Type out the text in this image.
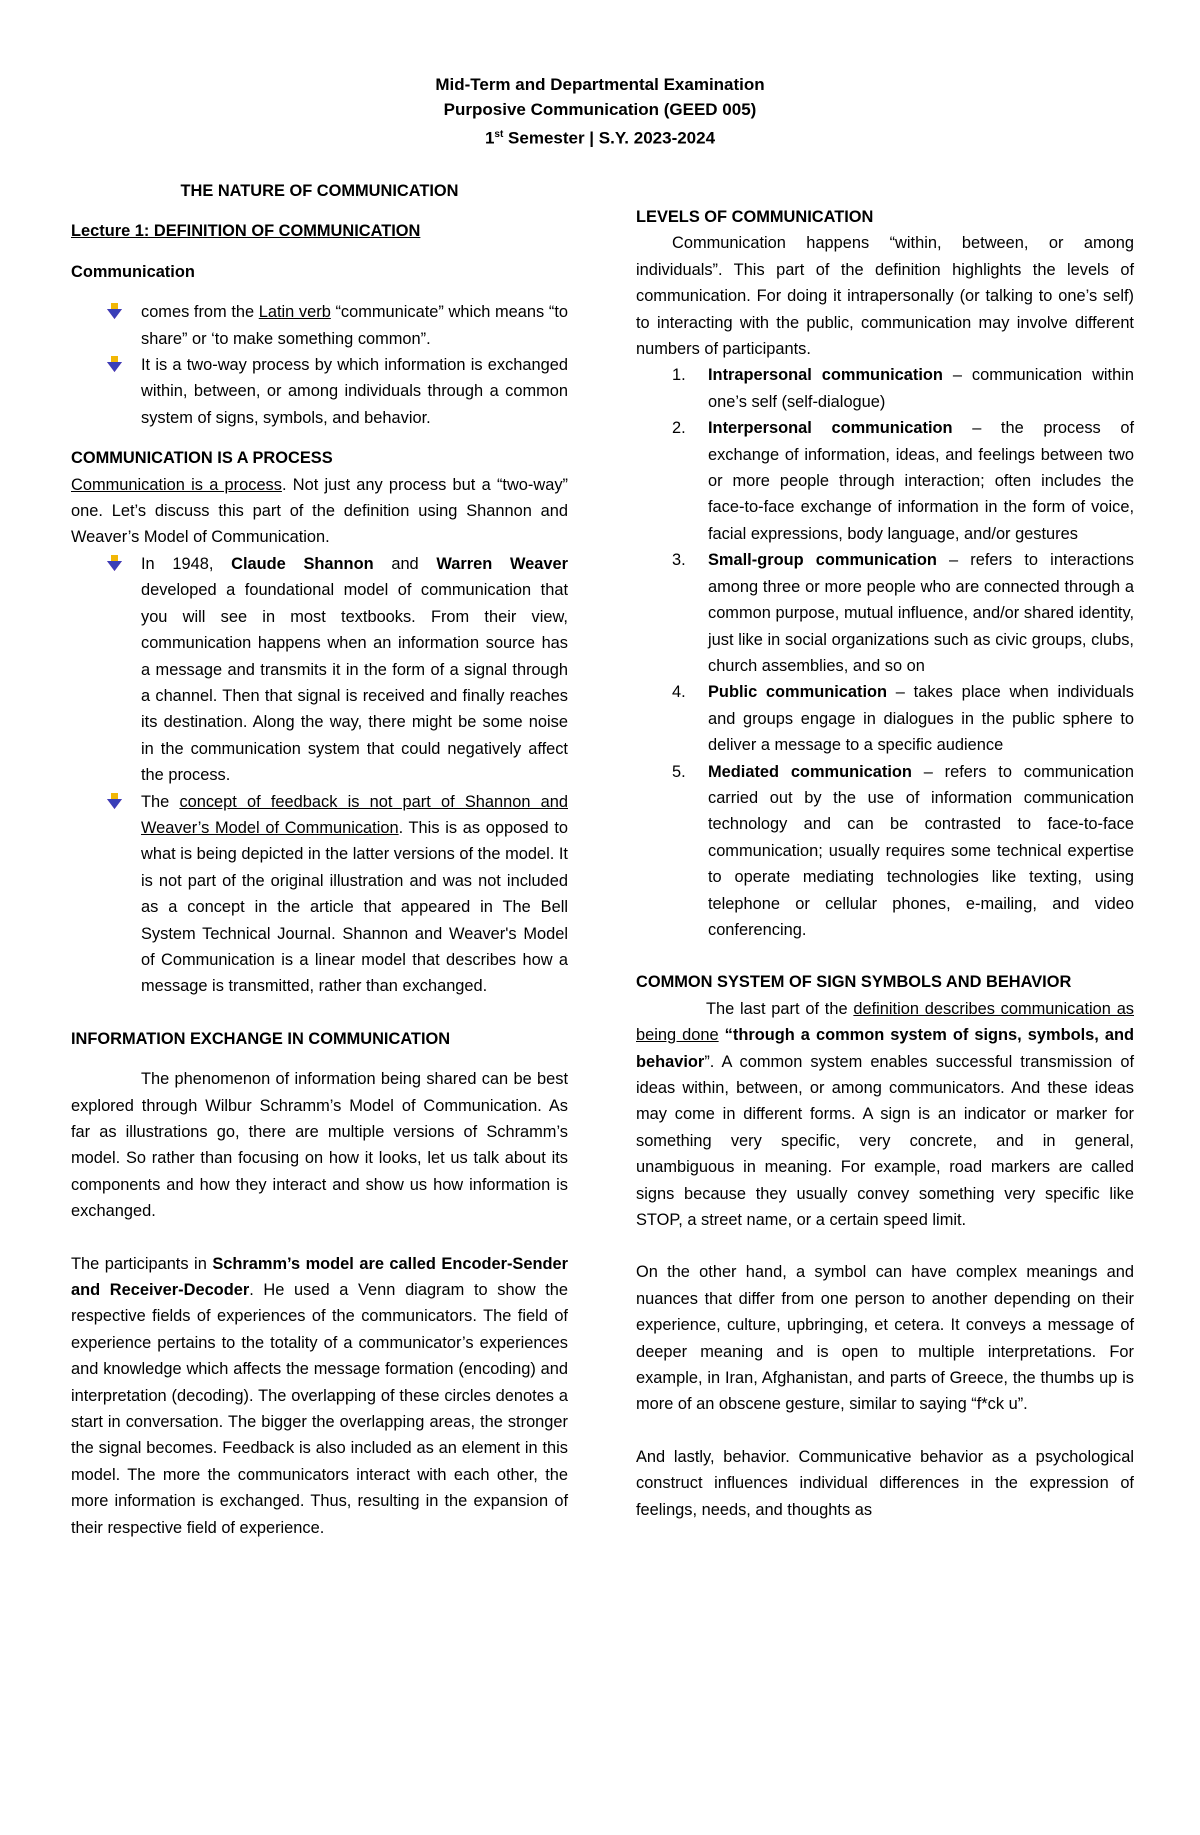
Mid-Term and Departmental Examination
Purposive Communication (GEED 005)
1st Semester | S.Y. 2023-2024
THE NATURE OF COMMUNICATION
Lecture 1: DEFINITION OF COMMUNICATION
Communication

comes from the Latin verb “communicate” which means “to share” or ‘to make something common”.

It is a two-way process by which information is exchanged within, between, or among individuals through a common system of signs, symbols, and behavior.

COMMUNICATION IS A PROCESS

Communication is a process. Not just any process but a “two-way” one. Let’s discuss this part of the definition using Shannon and Weaver’s Model of Communication.

In 1948, Claude Shannon and Warren Weaver developed a foundational model of communication that you will see in most textbooks. From their view, communication happens when an information source has a message and transmits it in the form of a signal through a channel. Then that signal is received and finally reaches its destination. Along the way, there might be some noise in the communication system that could negatively affect the process.

The concept of feedback is not part of Shannon and Weaver’s Model of Communication. This is as opposed to what is being depicted in the latter versions of the model. It is not part of the original illustration and was not included as a concept in the article that appeared in The Bell System Technical Journal. Shannon and Weaver's Model of Communication is a linear model that describes how a message is transmitted, rather than exchanged.

INFORMATION EXCHANGE IN COMMUNICATION

The phenomenon of information being shared can be best explored through Wilbur Schramm’s Model of Communication. As far as illustrations go, there are multiple versions of Schramm’s model. So rather than focusing on how it looks, let us talk about its components and how they interact and show us how information is exchanged.

The participants in Schramm’s model are called Encoder-Sender and Receiver-Decoder. He used a Venn diagram to show the respective fields of experiences of the communicators. The field of experience pertains to the totality of a communicator’s experiences and knowledge which affects the message formation (encoding) and interpretation (decoding). The overlapping of these circles denotes a start in conversation. The bigger the overlapping areas, the stronger the signal becomes. Feedback is also included as an element in this model. The more the communicators interact with each other, the more information is exchanged. Thus, resulting in the expansion of their respective field of experience.

LEVELS OF COMMUNICATION

Communication happens “within, between, or among individuals”. This part of the definition highlights the levels of communication. For doing it intrapersonally (or talking to one’s self) to interacting with the public, communication may involve different numbers of participants.

1. Intrapersonal communication – communication within one’s self (self-dialogue)
2. Interpersonal communication – the process of exchange of information, ideas, and feelings between two or more people through interaction; often includes the face-to-face exchange of information in the form of voice, facial expressions, body language, and/or gestures
3. Small-group communication – refers to interactions among three or more people who are connected through a common purpose, mutual influence, and/or shared identity, just like in social organizations such as civic groups, clubs, church assemblies, and so on
4. Public communication – takes place when individuals and groups engage in dialogues in the public sphere to deliver a message to a specific audience
5. Mediated communication – refers to communication carried out by the use of information communication technology and can be contrasted to face-to-face communication; usually requires some technical expertise to operate mediating technologies like texting, using telephone or cellular phones, e-mailing, and video conferencing.
COMMON SYSTEM OF SIGN SYMBOLS AND BEHAVIOR

The last part of the definition describes communication as being done “through a common system of signs, symbols, and behavior”. A common system enables successful transmission of ideas within, between, or among communicators. And these ideas may come in different forms. A sign is an indicator or marker for something very specific, very concrete, and in general, unambiguous in meaning. For example, road markers are called signs because they usually convey something very specific like STOP, a street name, or a certain speed limit.

On the other hand, a symbol can have complex meanings and nuances that differ from one person to another depending on their experience, culture, upbringing, et cetera. It conveys a message of deeper meaning and is open to multiple interpretations. For example, in Iran, Afghanistan, and parts of Greece, the thumbs up is more of an obscene gesture, similar to saying “f*ck u”.

And lastly, behavior. Communicative behavior as a psychological construct influences individual differences in the expression of feelings, needs, and thoughts as
